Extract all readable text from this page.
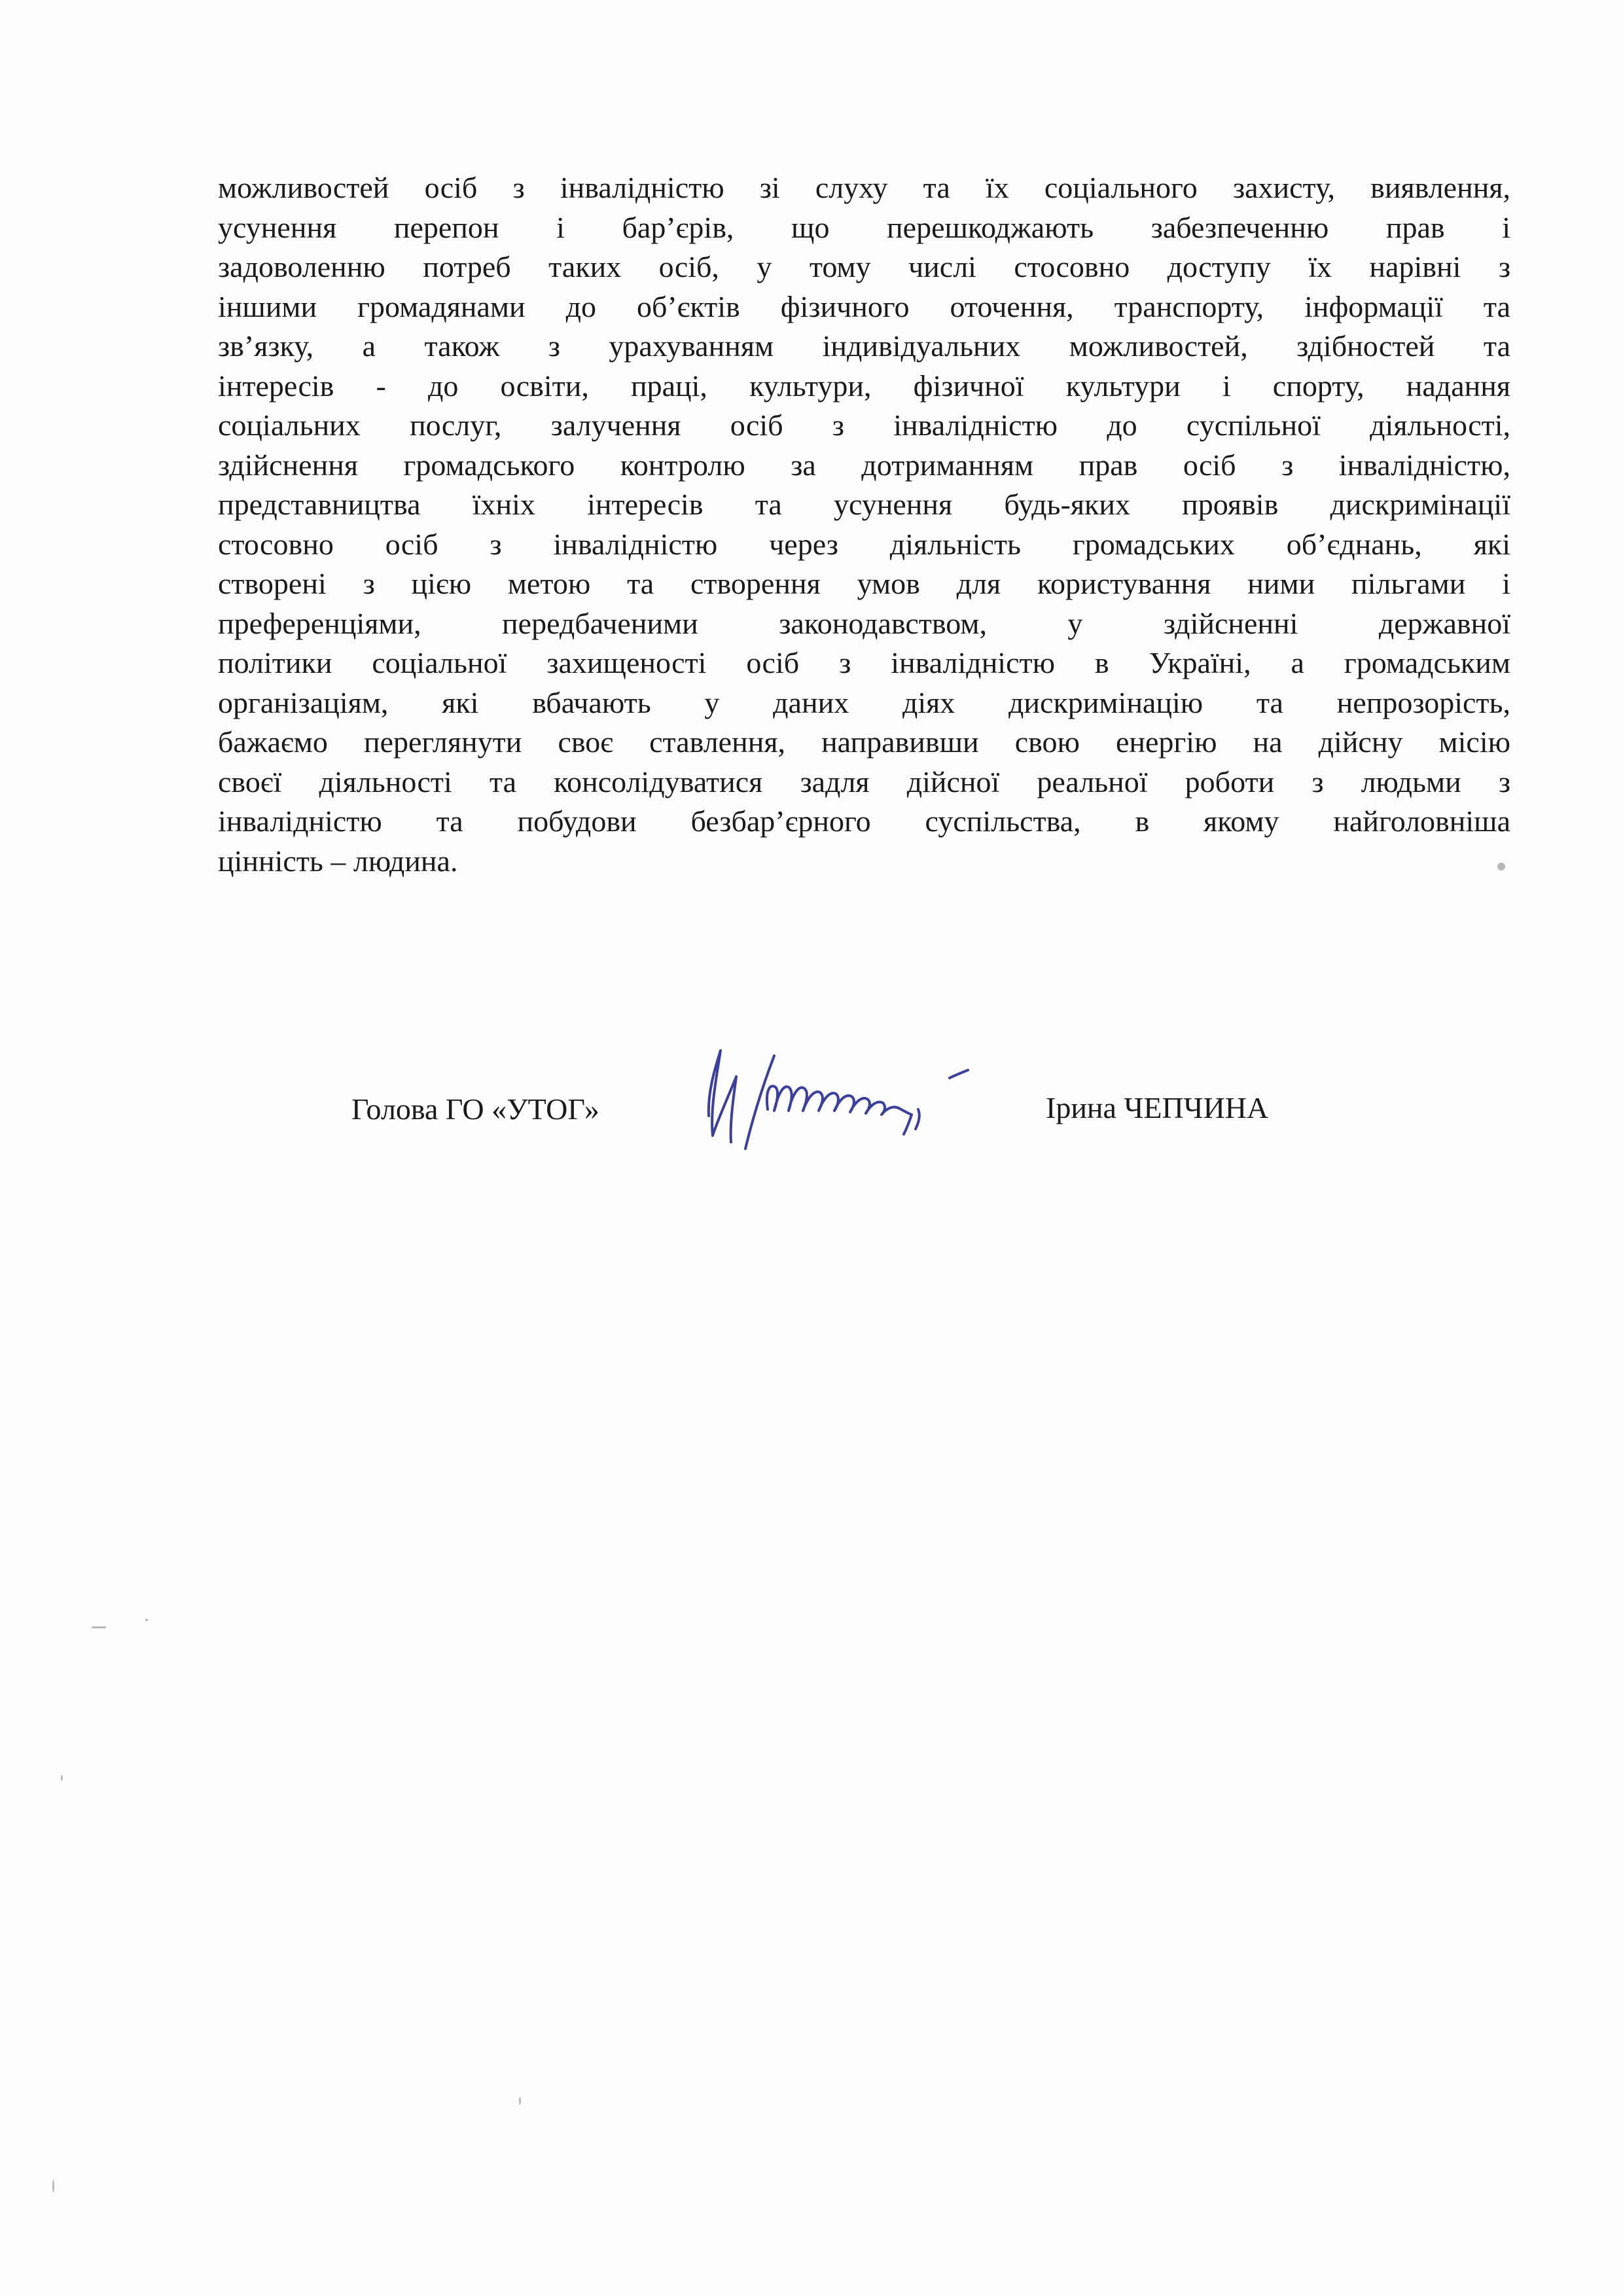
можливостей осіб з інвалідністю зі слуху та їх соціального захисту, виявлення,
усунення перепон і бар’єрів, що перешкоджають забезпеченню прав і
задоволенню потреб таких осіб, у тому числі стосовно доступу їх нарівні з
іншими громадянами до об’єктів фізичного оточення, транспорту, інформації та
зв’язку, а також з урахуванням індивідуальних можливостей, здібностей та
інтересів - до освіти, праці, культури, фізичної культури і спорту, надання
соціальних послуг, залучення осіб з інвалідністю до суспільної діяльності,
здійснення громадського контролю за дотриманням прав осіб з інвалідністю,
представництва їхніх інтересів та усунення будь-яких проявів дискримінації
стосовно осіб з інвалідністю через діяльність громадських об’єднань, які
створені з цією метою та створення умов для користування ними пільгами і
преференціями, передбаченими законодавством, у здійсненні державної
політики соціальної захищеності осіб з інвалідністю в Україні, а громадським
організаціям, які вбачають у даних діях дискримінацію та непрозорість,
бажаємо переглянути своє ставлення, направивши свою енергію на дійсну місію
своєї діяльності та консолідуватися задля дійсної реальної роботи з людьми з
інвалідністю та побудови безбар’єрного суспільства, в якому найголовніша
цінність – людина.
Голова ГО «УТОГ»	Ірина ЧЕПЧИНА
